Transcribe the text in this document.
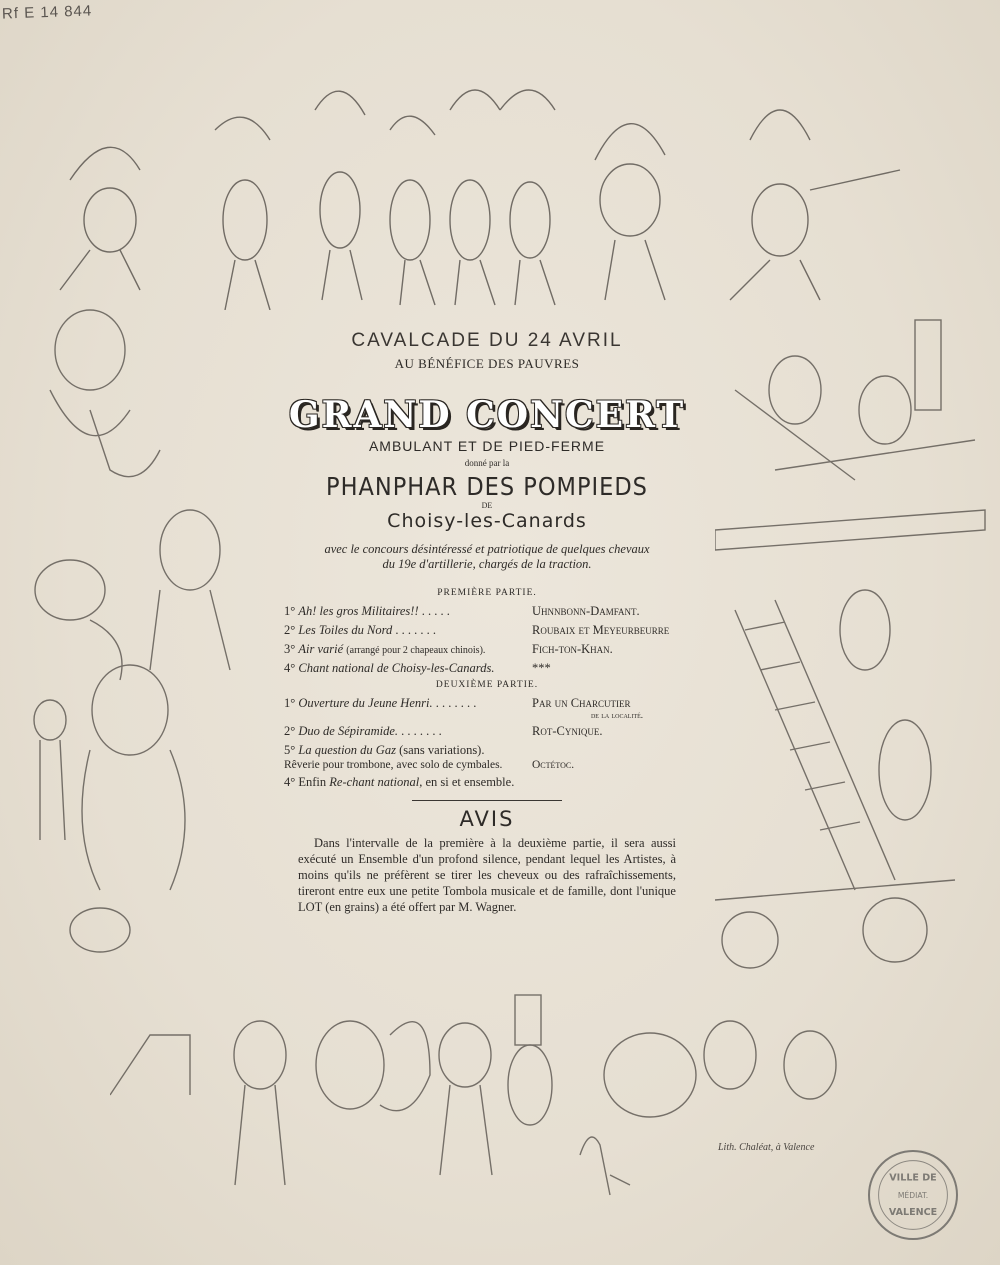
Rf E 14 844

CAVALCADE DU 24 AVRIL

AU BÉNÉFICE DES PAUVRES

GRAND CONCERT

AMBULANT ET DE PIED-FERME

donné par la

PHANPHAR DES POMPIEDS

DE

Choisy-les-Canards

avec le concours désintéressé et patriotique de quelques chevaux
du 19e d'artillerie, chargés de la traction.

PREMIÈRE PARTIE.

1° Ah! les gros Militaires!! . . . . .	Uhnnbonn-Damfant.
2° Les Toiles du Nord . . . . . . .	Roubaix et Meyeurbeurre
3° Air varié (arrangé pour 2 chapeaux chinois).	Fich-ton-Khan.
4° Chant national de Choisy-les-Canards.	***

DEUXIÈME PARTIE.

1° Ouverture du Jeune Henri. . . . . . . .	Par un Charcutier
de la localité.
2° Duo de Sépiramide. . . . . . . .	Rot-Cynique.
5° La question du Gaz (sans variations).
Rêverie pour trombone, avec solo de cymbales.	Octétoc.
4° Enfin Re-chant national, en si et ensemble.

AVIS

Dans l'intervalle de la première à la deuxième partie, il sera aussi exécuté un Ensemble d'un profond silence, pendant lequel les Artistes, à moins qu'ils ne préfèrent se tirer les cheveux ou des rafraîchissements, tireront entre eux une petite Tombola musicale et de famille, dont l'unique LOT (en grains) a été offert par M. Wagner.

Lith. Chaléat, à Valence
VILLE DE
MÉDIAT.
VALENCE
